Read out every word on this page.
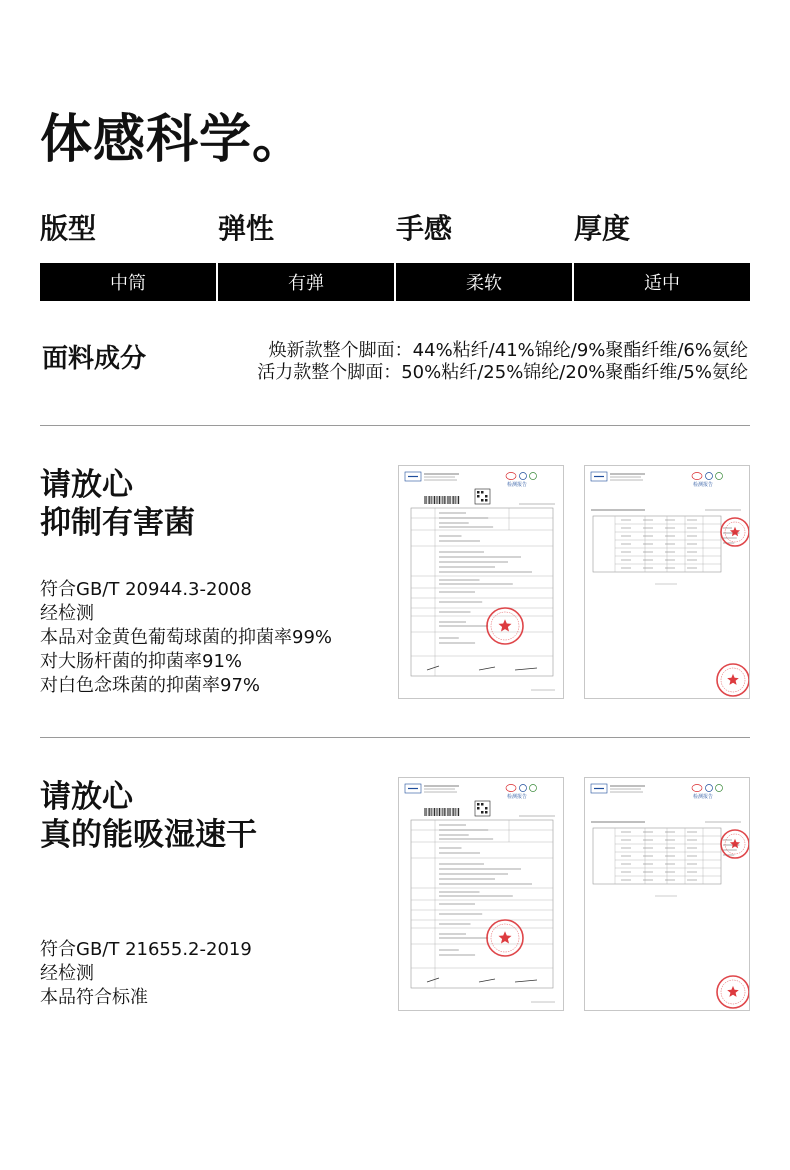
体感科学。
版型	弹性	手感	厚度
中筒	有弹	柔软	适中
面料成分	焕新款整个脚面：44%粘纤/41%锦纶/9%聚酯纤维/6%氨纶
活力款整个脚面：50%粘纤/25%锦纶/20%聚酯纤维/5%氨纶
请放心
抑制有害菌
符合GB/T 20944.3-2008
经检测
本品对金黄色葡萄球菌的抑菌率99%
对大肠杆菌的抑菌率91%
对白色念珠菌的抑菌率97%
检测报告	检测报告
请放心
真的能吸湿速干
符合GB/T 21655.2-2019
经检测
本品符合标准
检测报告	检测报告
